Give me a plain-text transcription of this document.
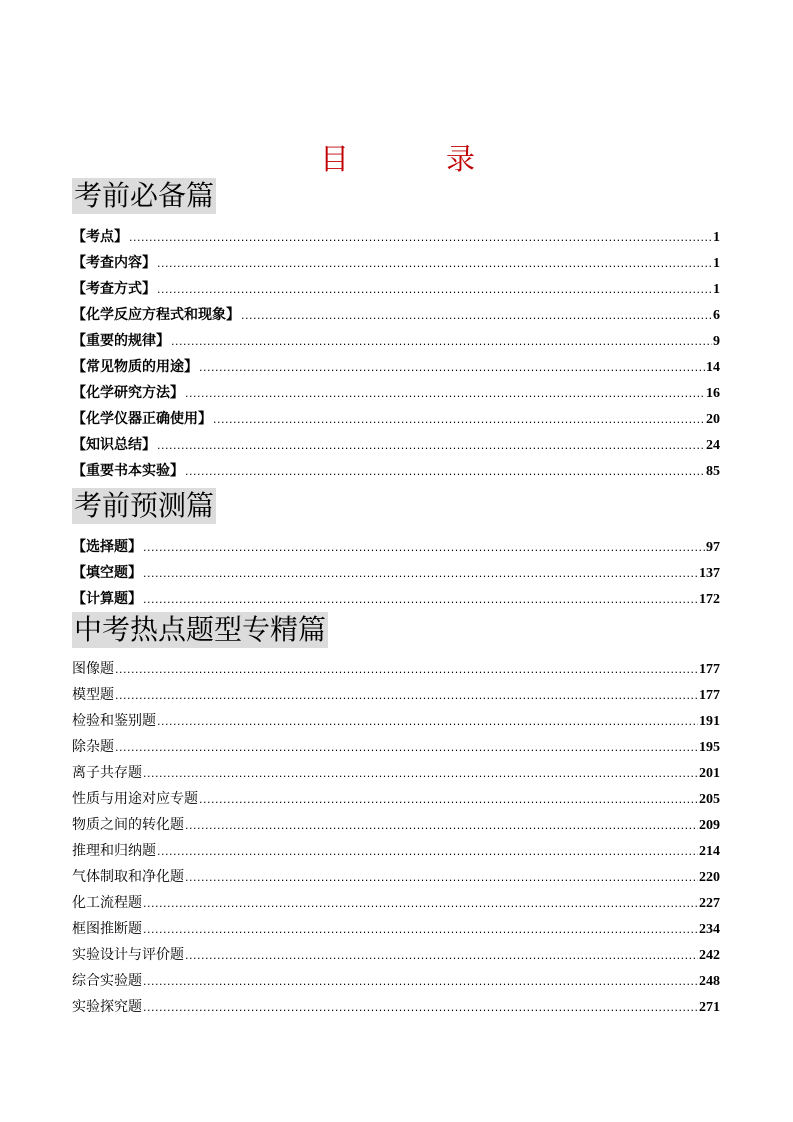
目　录
考前必备篇
【考点】 .....	1
【考查内容】 .....	1
【考查方式】 .....	1
【化学反应方程式和现象】 .....	6
【重要的规律】 .....	9
【常见物质的用途】 .....	14
【化学研究方法】 .....	16
【化学仪器正确使用】 .....	20
【知识总结】 .....	24
【重要书本实验】 .....	85
考前预测篇
【选择题】 .....	97
【填空题】 .....	137
【计算题】 .....	172
中考热点题型专精篇
图像题 .....	177
模型题 .....	177
检验和鉴别题 .....	191
除杂题 .....	195
离子共存题 .....	201
性质与用途对应专题 .....	205
物质之间的转化题 .....	209
推理和归纳题 .....	214
气体制取和净化题 .....	220
化工流程题 .....	227
框图推断题 .....	234
实验设计与评价题 .....	242
综合实验题 .....	248
实验探究题 .....	271
